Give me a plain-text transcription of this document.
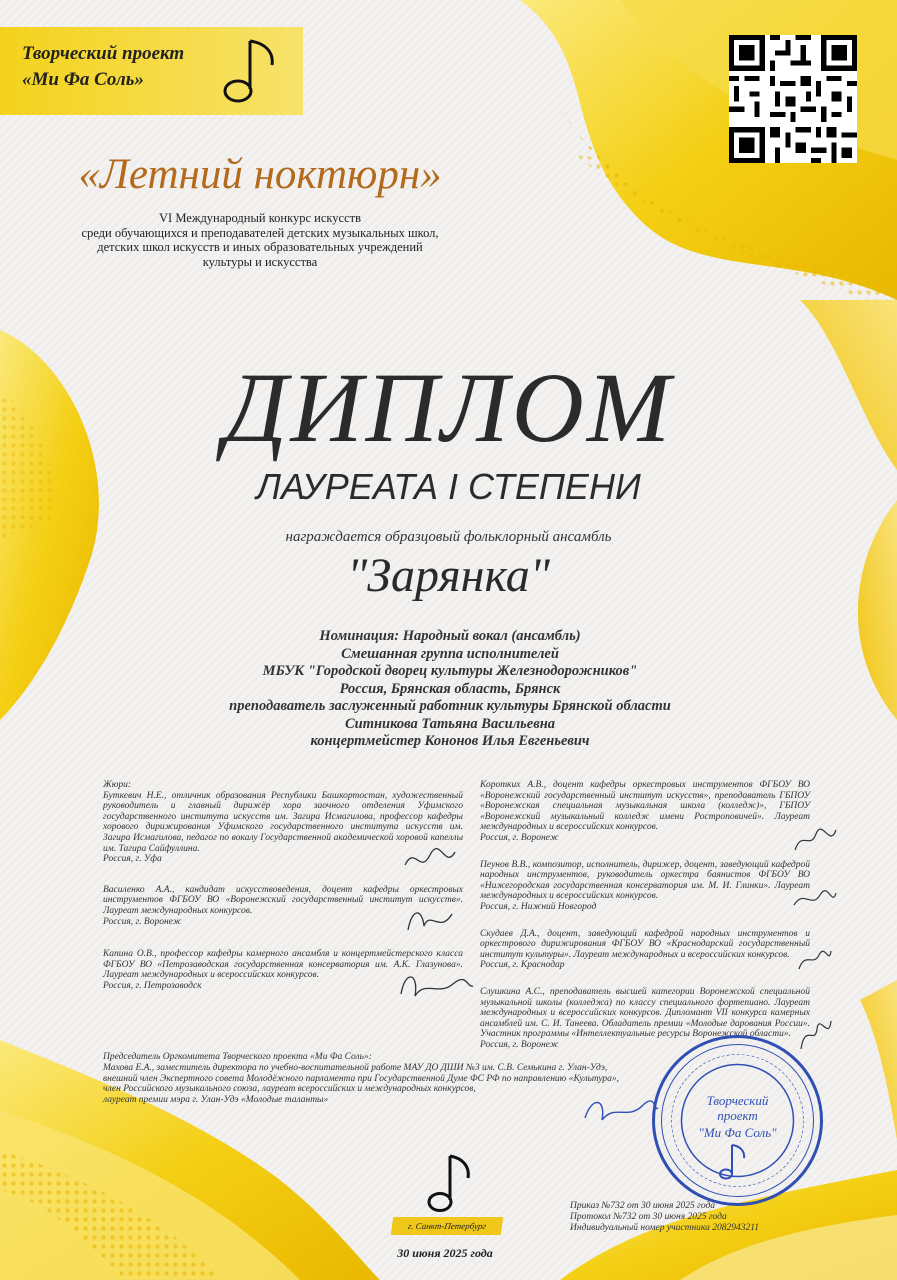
Творческий проект
«Ми Фа Соль»
«Летний ноктюрн»
VI Международный конкурс искусств
среди обучающихся и преподавателей детских музыкальных школ,
детских школ искусств и иных образовательных учреждений
культуры и искусства
ДИПЛОМ
ЛАУРЕАТА I СТЕПЕНИ
награждается образцовый фольклорный ансамбль
"Зарянка"
Номинация: Народный вокал (ансамбль)
Смешанная группа исполнителей
МБУК "Городской дворец культуры Железнодорожников"
Россия, Брянская область, Брянск
преподаватель заслуженный работник культуры Брянской области
Ситникова Татьяна Васильевна
концертмейстер Кононов Илья Евгеньевич

Жюри:
Буткевич Н.Е., отличник образования Республики Башкортостан, художественный руководитель и главный дирижёр хора заочного отделения Уфимского государственного института искусств им. Загира Исмагилова, профессор кафедры хорового дирижирования Уфимского государственного института искусств им. Загира Исмагилова, педагог по вокалу Государственной академической хоровой капеллы им. Тагира Сайфуллина.
Россия, г. Уфа

Василенко А.А., кандидат искусствоведения, доцент кафедры оркестровых инструментов ФГБОУ ВО «Воронежский государственный институт искусств». Лауреат международных конкурсов.
Россия, г. Воронеж

Капина О.В., профессор кафедры камерного ансамбля и концертмейстерского класса ФГБОУ ВО «Петрозаводская государственная консерватория им. А.К. Глазунова». Лауреат международных и всероссийских конкурсов.
Россия, г. Петрозаводск

Коротких А.В., доцент кафедры оркестровых инструментов ФГБОУ ВО «Воронежский государственный институт искусств», преподаватель ГБПОУ «Воронежская специальная музыкальная школа (колледж)», ГБПОУ «Воронежский музыкальный колледж имени Ростроповичей». Лауреат международных и всероссийских конкурсов.
Россия, г. Воронеж

Пеунов В.В., композитор, исполнитель, дирижер, доцент, заведующий кафедрой народных инструментов, руководитель оркестра баянистов ФГБОУ ВО «Нижегородская государственная консерватория им. М. И. Глинки». Лауреат международных и всероссийских конкурсов.
Россия, г. Нижний Новгород

Скудаев Д.А., доцент, заведующий кафедрой народных инструментов и оркестрового дирижирования ФГБОУ ВО «Краснодарский государственный институт культуры». Лауреат международных и всероссийских конкурсов.
Россия, г. Краснодар

Слушкина А.С., преподаватель высшей категории Воронежской специальной музыкальной школы (колледжа) по классу специального фортепиано. Лауреат международных и всероссийских конкурсов. Дипломант VII конкурса камерных ансамблей им. С. И. Танеева. Обладатель премии «Молодые дарования России». Участник программы «Интеллектуальные ресурсы Воронежской области».
Россия, г. Воронеж

Председатель Оргкомитета Творческого проекта «Ми Фа Соль»:
Махова Е.А., заместитель директора по учебно-воспитательной работе МАУ ДО ДШИ №3 им. С.В. Семькина г. Улан-Удэ,
внешний член Экспертного совета Молодёжного парламента при Государственной Думе ФС РФ по направлению «Культура»,
член Российского музыкального союза, лауреат всероссийских и международных конкурсов,
лауреат премии мэра г. Улан-Удэ «Молодые таланты»	Творческий
проект
"Ми Фа Соль"
г. Санкт-Петербург
30 июня 2025 года
Приказ №732 от 30 июня 2025 года
Протокол №732 от 30 июня 2025 года
Индивидуальный номер участника 2082943211
